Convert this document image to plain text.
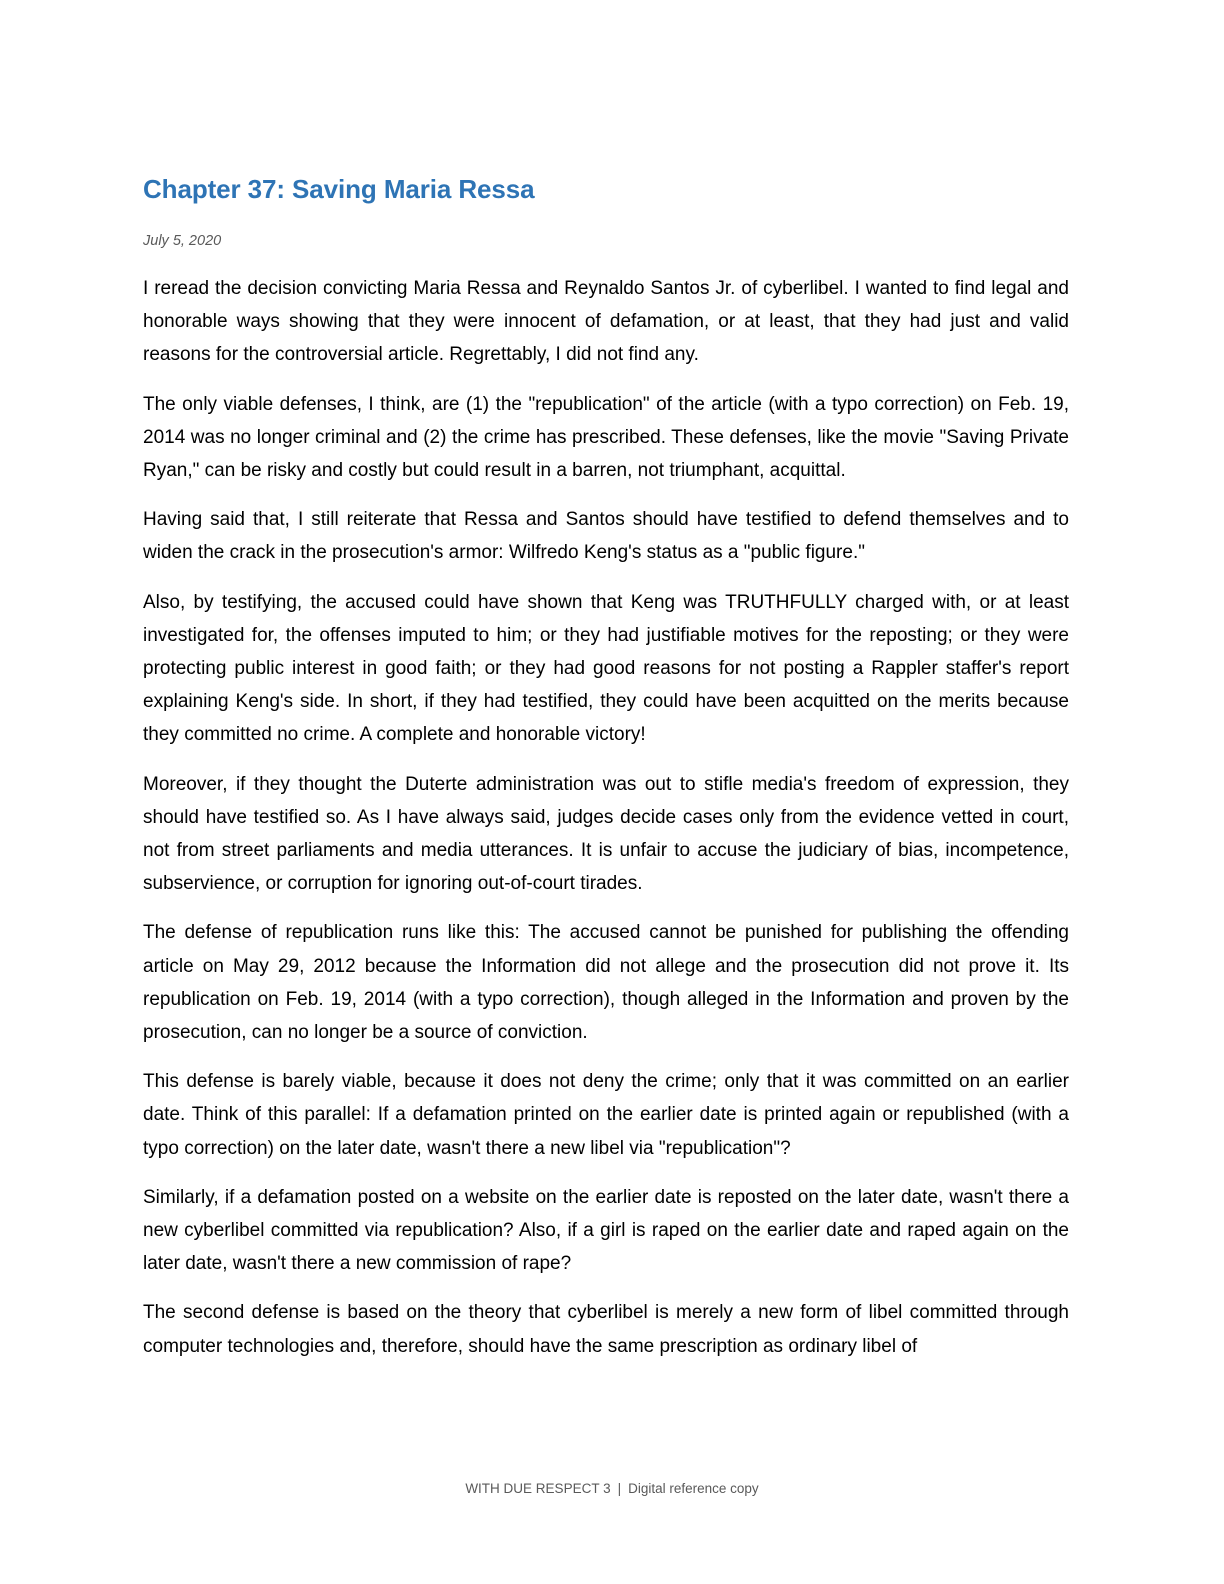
Chapter 37: Saving Maria Ressa
July 5, 2020

I reread the decision convicting Maria Ressa and Reynaldo Santos Jr. of cyberlibel. I wanted to find legal and honorable ways showing that they were innocent of defamation, or at least, that they had just and valid reasons for the controversial article. Regrettably, I did not find any.

The only viable defenses, I think, are (1) the "republication" of the article (with a typo correction) on Feb. 19, 2014 was no longer criminal and (2) the crime has prescribed. These defenses, like the movie "Saving Private Ryan," can be risky and costly but could result in a barren, not triumphant, acquittal.

Having said that, I still reiterate that Ressa and Santos should have testified to defend themselves and to widen the crack in the prosecution's armor: Wilfredo Keng's status as a "public figure."

Also, by testifying, the accused could have shown that Keng was TRUTHFULLY charged with, or at least investigated for, the offenses imputed to him; or they had justifiable motives for the reposting; or they were protecting public interest in good faith; or they had good reasons for not posting a Rappler staffer's report explaining Keng's side. In short, if they had testified, they could have been acquitted on the merits because they committed no crime. A complete and honorable victory!

Moreover, if they thought the Duterte administration was out to stifle media's freedom of expression, they should have testified so. As I have always said, judges decide cases only from the evidence vetted in court, not from street parliaments and media utterances. It is unfair to accuse the judiciary of bias, incompetence, subservience, or corruption for ignoring out-of-court tirades.

The defense of republication runs like this: The accused cannot be punished for publishing the offending article on May 29, 2012 because the Information did not allege and the prosecution did not prove it. Its republication on Feb. 19, 2014 (with a typo correction), though alleged in the Information and proven by the prosecution, can no longer be a source of conviction.

This defense is barely viable, because it does not deny the crime; only that it was committed on an earlier date. Think of this parallel: If a defamation printed on the earlier date is printed again or republished (with a typo correction) on the later date, wasn't there a new libel via "republication"?

Similarly, if a defamation posted on a website on the earlier date is reposted on the later date, wasn't there a new cyberlibel committed via republication? Also, if a girl is raped on the earlier date and raped again on the later date, wasn't there a new commission of rape?

The second defense is based on the theory that cyberlibel is merely a new form of libel committed through computer technologies and, therefore, should have the same prescription as ordinary libel of

WITH DUE RESPECT 3 | Digital reference copy
